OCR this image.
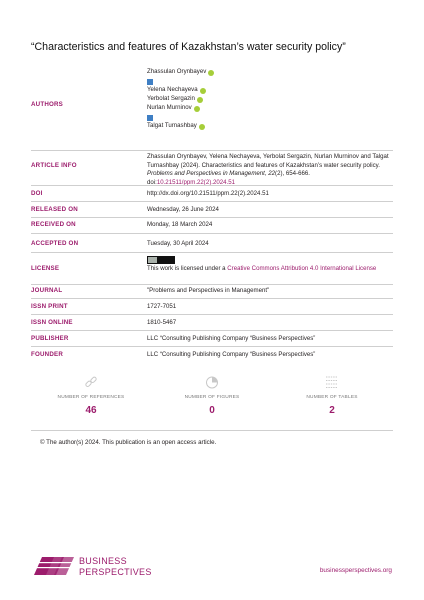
“Characteristics and features of Kazakhstan’s water security policy”
AUTHORS
Zhassulan Orynbayev
Yelena Nechayeva
Yerbolat Sergazin
Nurlan Murninov
Talgat Turnashbay
ARTICLE INFO
Zhassulan Orynbayev, Yelena Nechayeva, Yerbolat Sergazin, Nurlan Murninov and Talgat Turnashbay (2024). Characteristics and features of Kazakhstan’s water security policy. Problems and Perspectives in Management, 22(2), 654-666. doi:10.21511/ppm.22(2).2024.51
DOI	http://dx.doi.org/10.21511/ppm.22(2).2024.51
RELEASED ON	Wednesday, 26 June 2024
RECEIVED ON	Monday, 18 March 2024
ACCEPTED ON	Tuesday, 30 April 2024
LICENSE	This work is licensed under a Creative Commons Attribution 4.0 International License
JOURNAL	"Problems and Perspectives in Management"
ISSN PRINT	1727-7051
ISSN ONLINE	1810-5467
PUBLISHER	LLC “Consulting Publishing Company “Business Perspectives”
FOUNDER	LLC “Consulting Publishing Company “Business Perspectives”
NUMBER OF REFERENCES
46
NUMBER OF FIGURES
0
NUMBER OF TABLES
2
© The author(s) 2024. This publication is an open access article.
BUSINESS
PERSPECTIVES	businessperspectives.org
